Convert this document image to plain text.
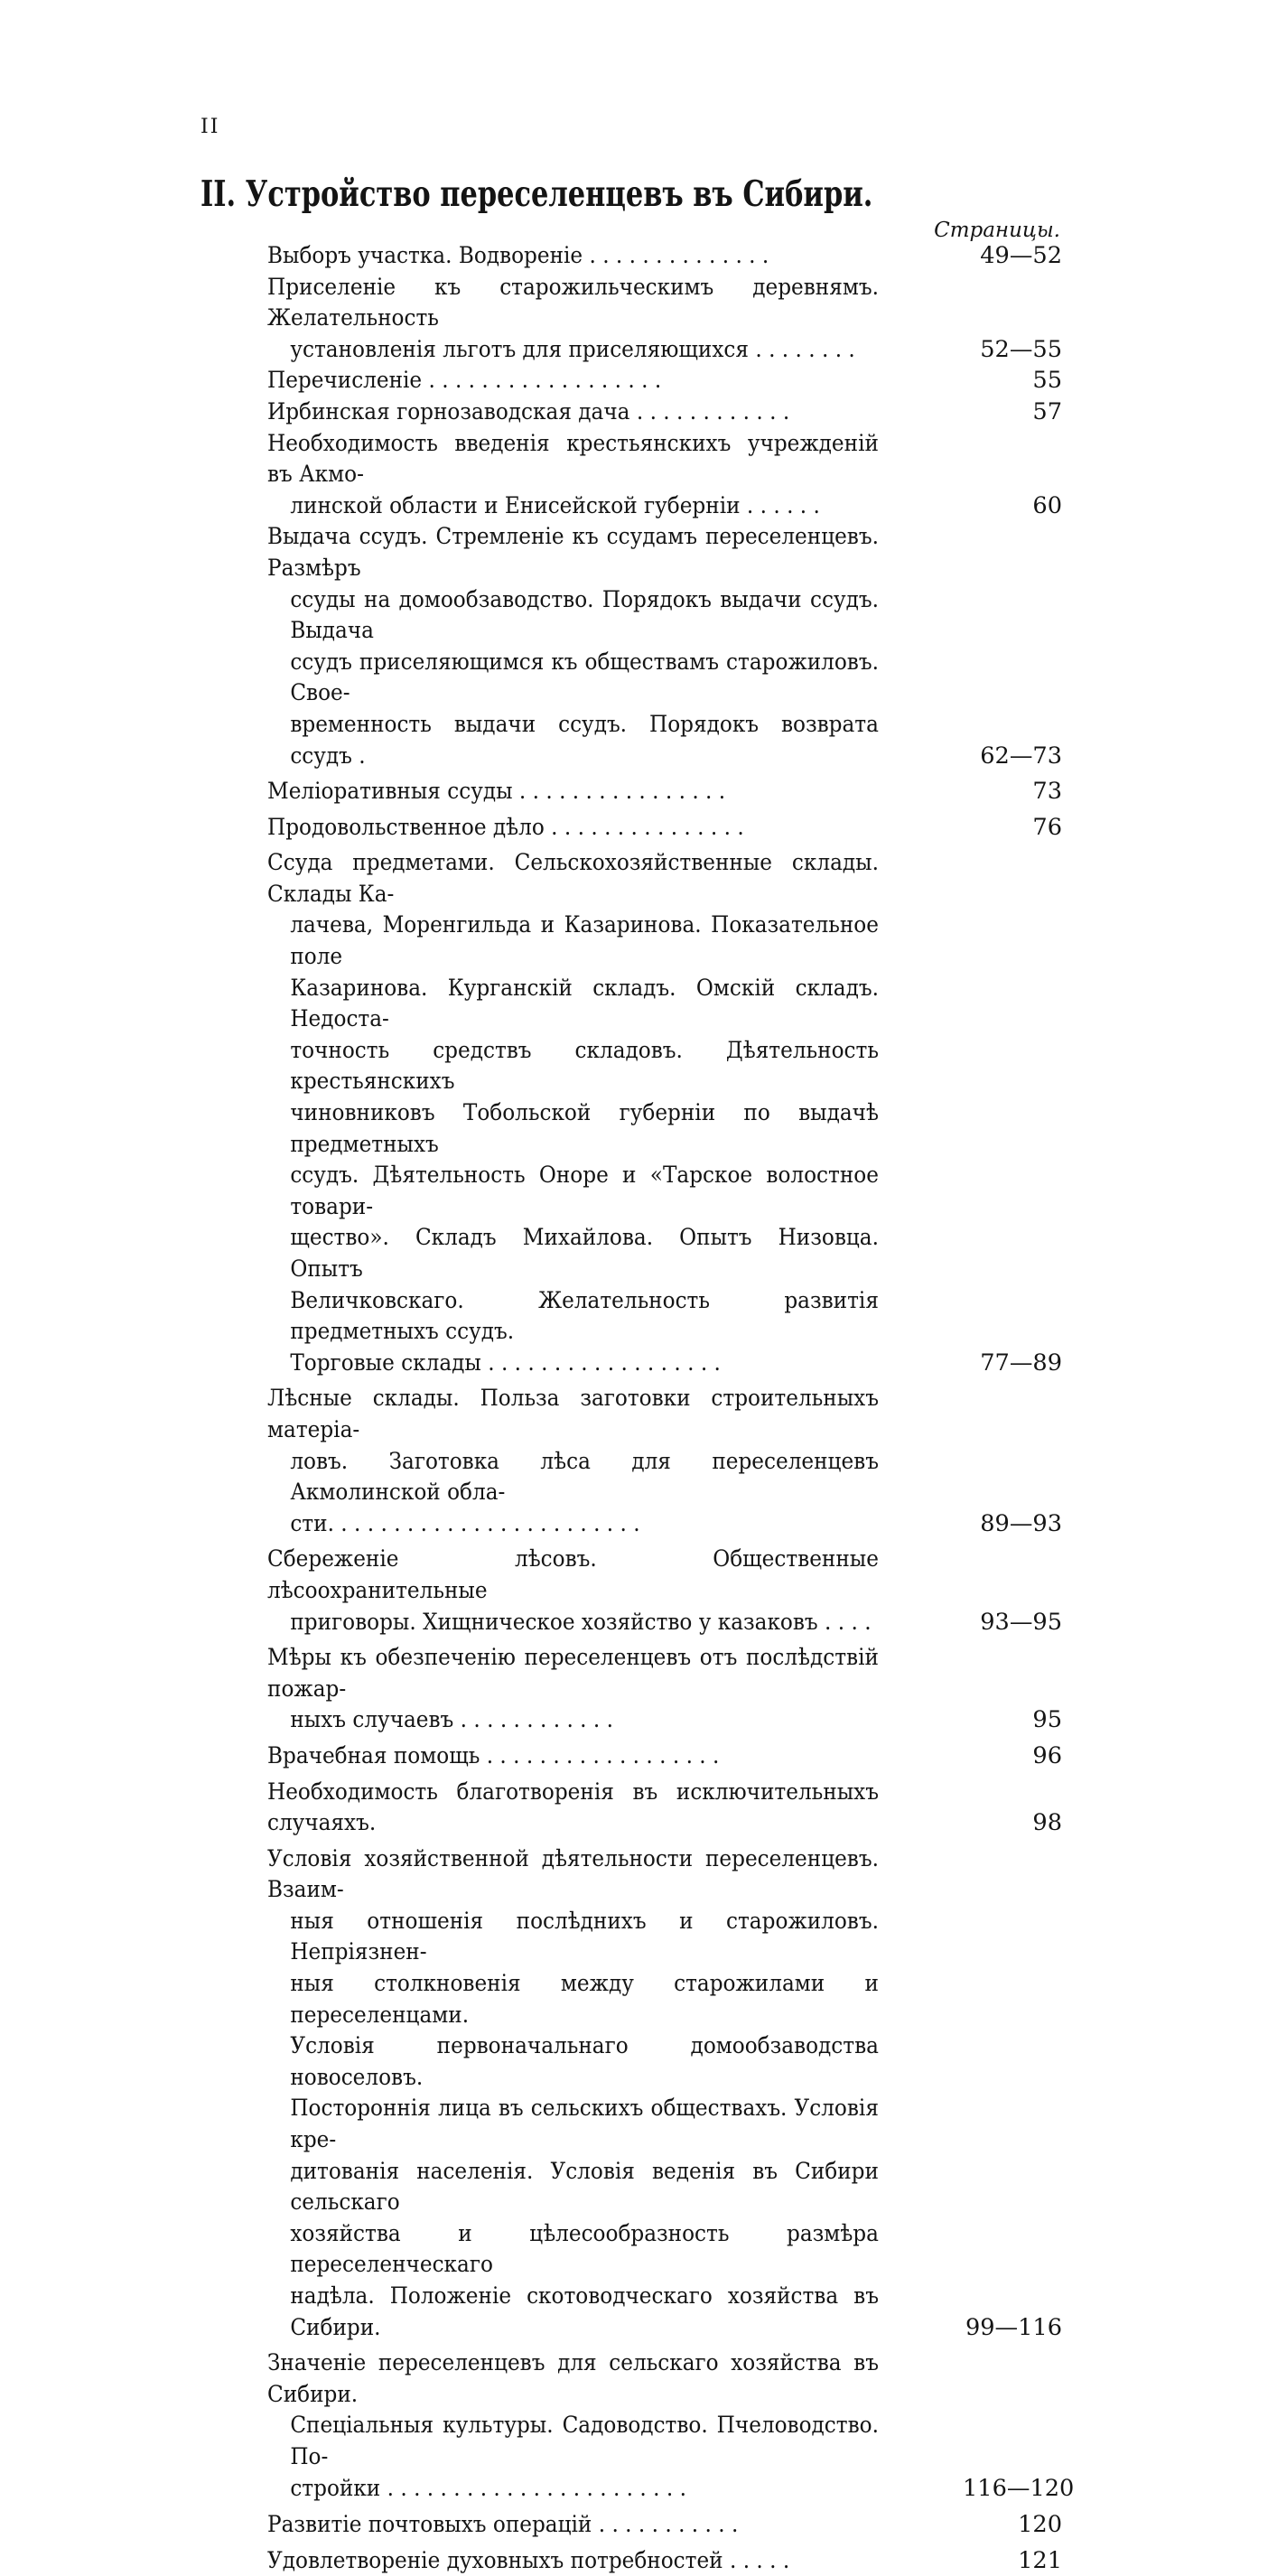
II
II. Устройство переселенцевъ въ Сибири.
Страницы.
Выборъ участка. Водвореніе . . . . . . . . . . . . . .	49—52
Приселеніе къ старожильческимъ деревнямъ. Желательность
установленія льготъ для приселяющихся . . . . . . . .	52—55
Перечисленіе . . . . . . . . . . . . . . . . . .	55
Ирбинская горнозаводская дача . . . . . . . . . . . .	57
Необходимость введенія крестьянскихъ учрежденій въ Акмо-
линской области и Енисейской губерніи . . . . . .	60
Выдача ссудъ. Стремленіе къ ссудамъ переселенцевъ. Размѣръ
ссуды на домообзаводство. Порядокъ выдачи ссудъ. Выдача
ссудъ приселяющимся къ обществамъ старожиловъ. Свое-
временность выдачи ссудъ. Порядокъ возврата ссудъ .	62—73
Меліоративныя ссуды . . . . . . . . . . . . . . . .	73
Продовольственное дѣло . . . . . . . . . . . . . . .	76
Ссуда предметами. Сельскохозяйственные склады. Склады Ка-
лачева, Моренгильда и Казаринова. Показательное поле
Казаринова. Курганскій складъ. Омскій складъ. Недоста-
точность средствъ складовъ. Дѣятельность крестьянскихъ
чиновниковъ Тобольской губерніи по выдачѣ предметныхъ
ссудъ. Дѣятельность Оноре и «Тарское волостное товари-
щество». Складъ Михайлова. Опытъ Низовца. Опытъ
Величковскаго. Желательность развитія предметныхъ ссудъ.
Торговые склады . . . . . . . . . . . . . . . . . .	77—89
Лѣсные склады. Польза заготовки строительныхъ матеріа-
ловъ. Заготовка лѣса для переселенцевъ Акмолинской обла-
сти. . . . . . . . . . . . . . . . . . . . . . . .	89—93
Сбереженіе лѣсовъ. Общественные лѣсоохранительные
приговоры. Хищническое хозяйство у казаковъ . . . .	93—95
Мѣры къ обезпеченію переселенцевъ отъ послѣдствій пожар-
ныхъ случаевъ . . . . . . . . . . . .	95
Врачебная помощь . . . . . . . . . . . . . . . . . .	96
Необходимость благотворенія въ исключительныхъ случаяхъ.	98
Условія хозяйственной дѣятельности переселенцевъ. Взаим-
ныя отношенія послѣднихъ и старожиловъ. Непріязнен-
ныя столкновенія между старожилами и переселенцами.
Условія первоначальнаго домообзаводства новоселовъ.
Постороннія лица въ сельскихъ обществахъ. Условія кре-
дитованія населенія. Условія веденія въ Сибири сельскаго
хозяйства и цѣлесообразность размѣра переселенческаго
надѣла. Положеніе скотоводческаго хозяйства въ Сибири.	99—116
Значеніе переселенцевъ для сельскаго хозяйства въ Сибири.
Спеціальныя культуры. Садоводство. Пчеловодство. По-
стройки . . . . . . . . . . . . . . . . . . . . . . .	116—120
Развитіе почтовыхъ операцій . . . . . . . . . . .	120
Удовлетвореніе духовныхъ потребностей . . . . .	121
